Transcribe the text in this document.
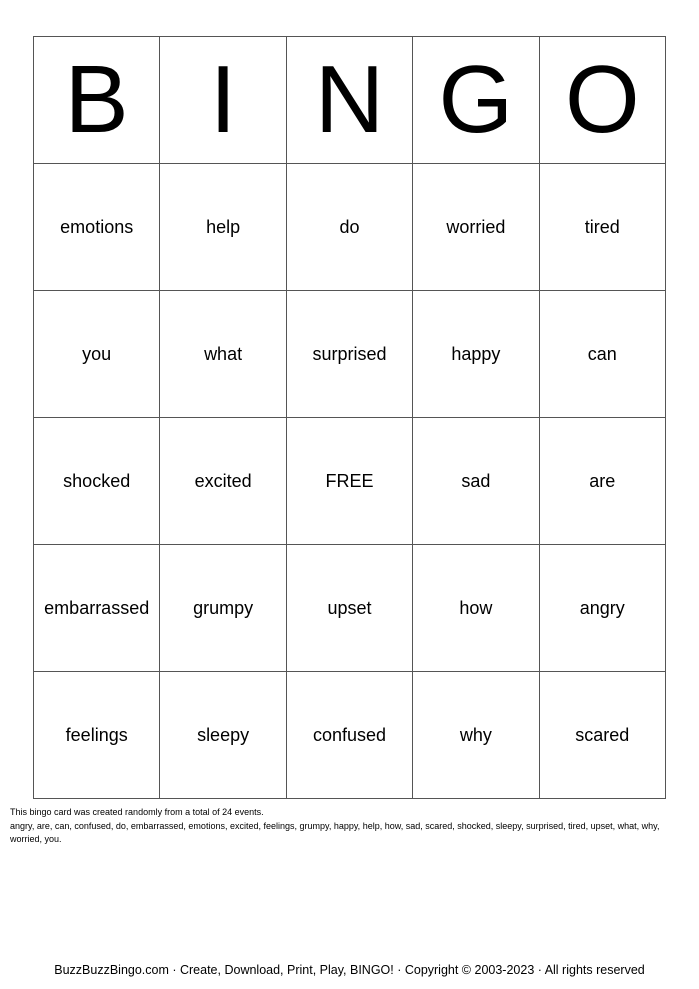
B	I	N	G	O
emotions	help	do	worried	tired
you	what	surprised	happy	can
shocked	excited	FREE	sad	are
embarrassed	grumpy	upset	how	angry
feelings	sleepy	confused	why	scared
This bingo card was created randomly from a total of 24 events.
angry, are, can, confused, do, embarrassed, emotions, excited, feelings, grumpy, happy, help, how, sad, scared, shocked, sleepy, surprised, tired, upset, what, why, worried, you.
BuzzBuzzBingo.com · Create, Download, Print, Play, BINGO! · Copyright © 2003-2023 · All rights reserved
